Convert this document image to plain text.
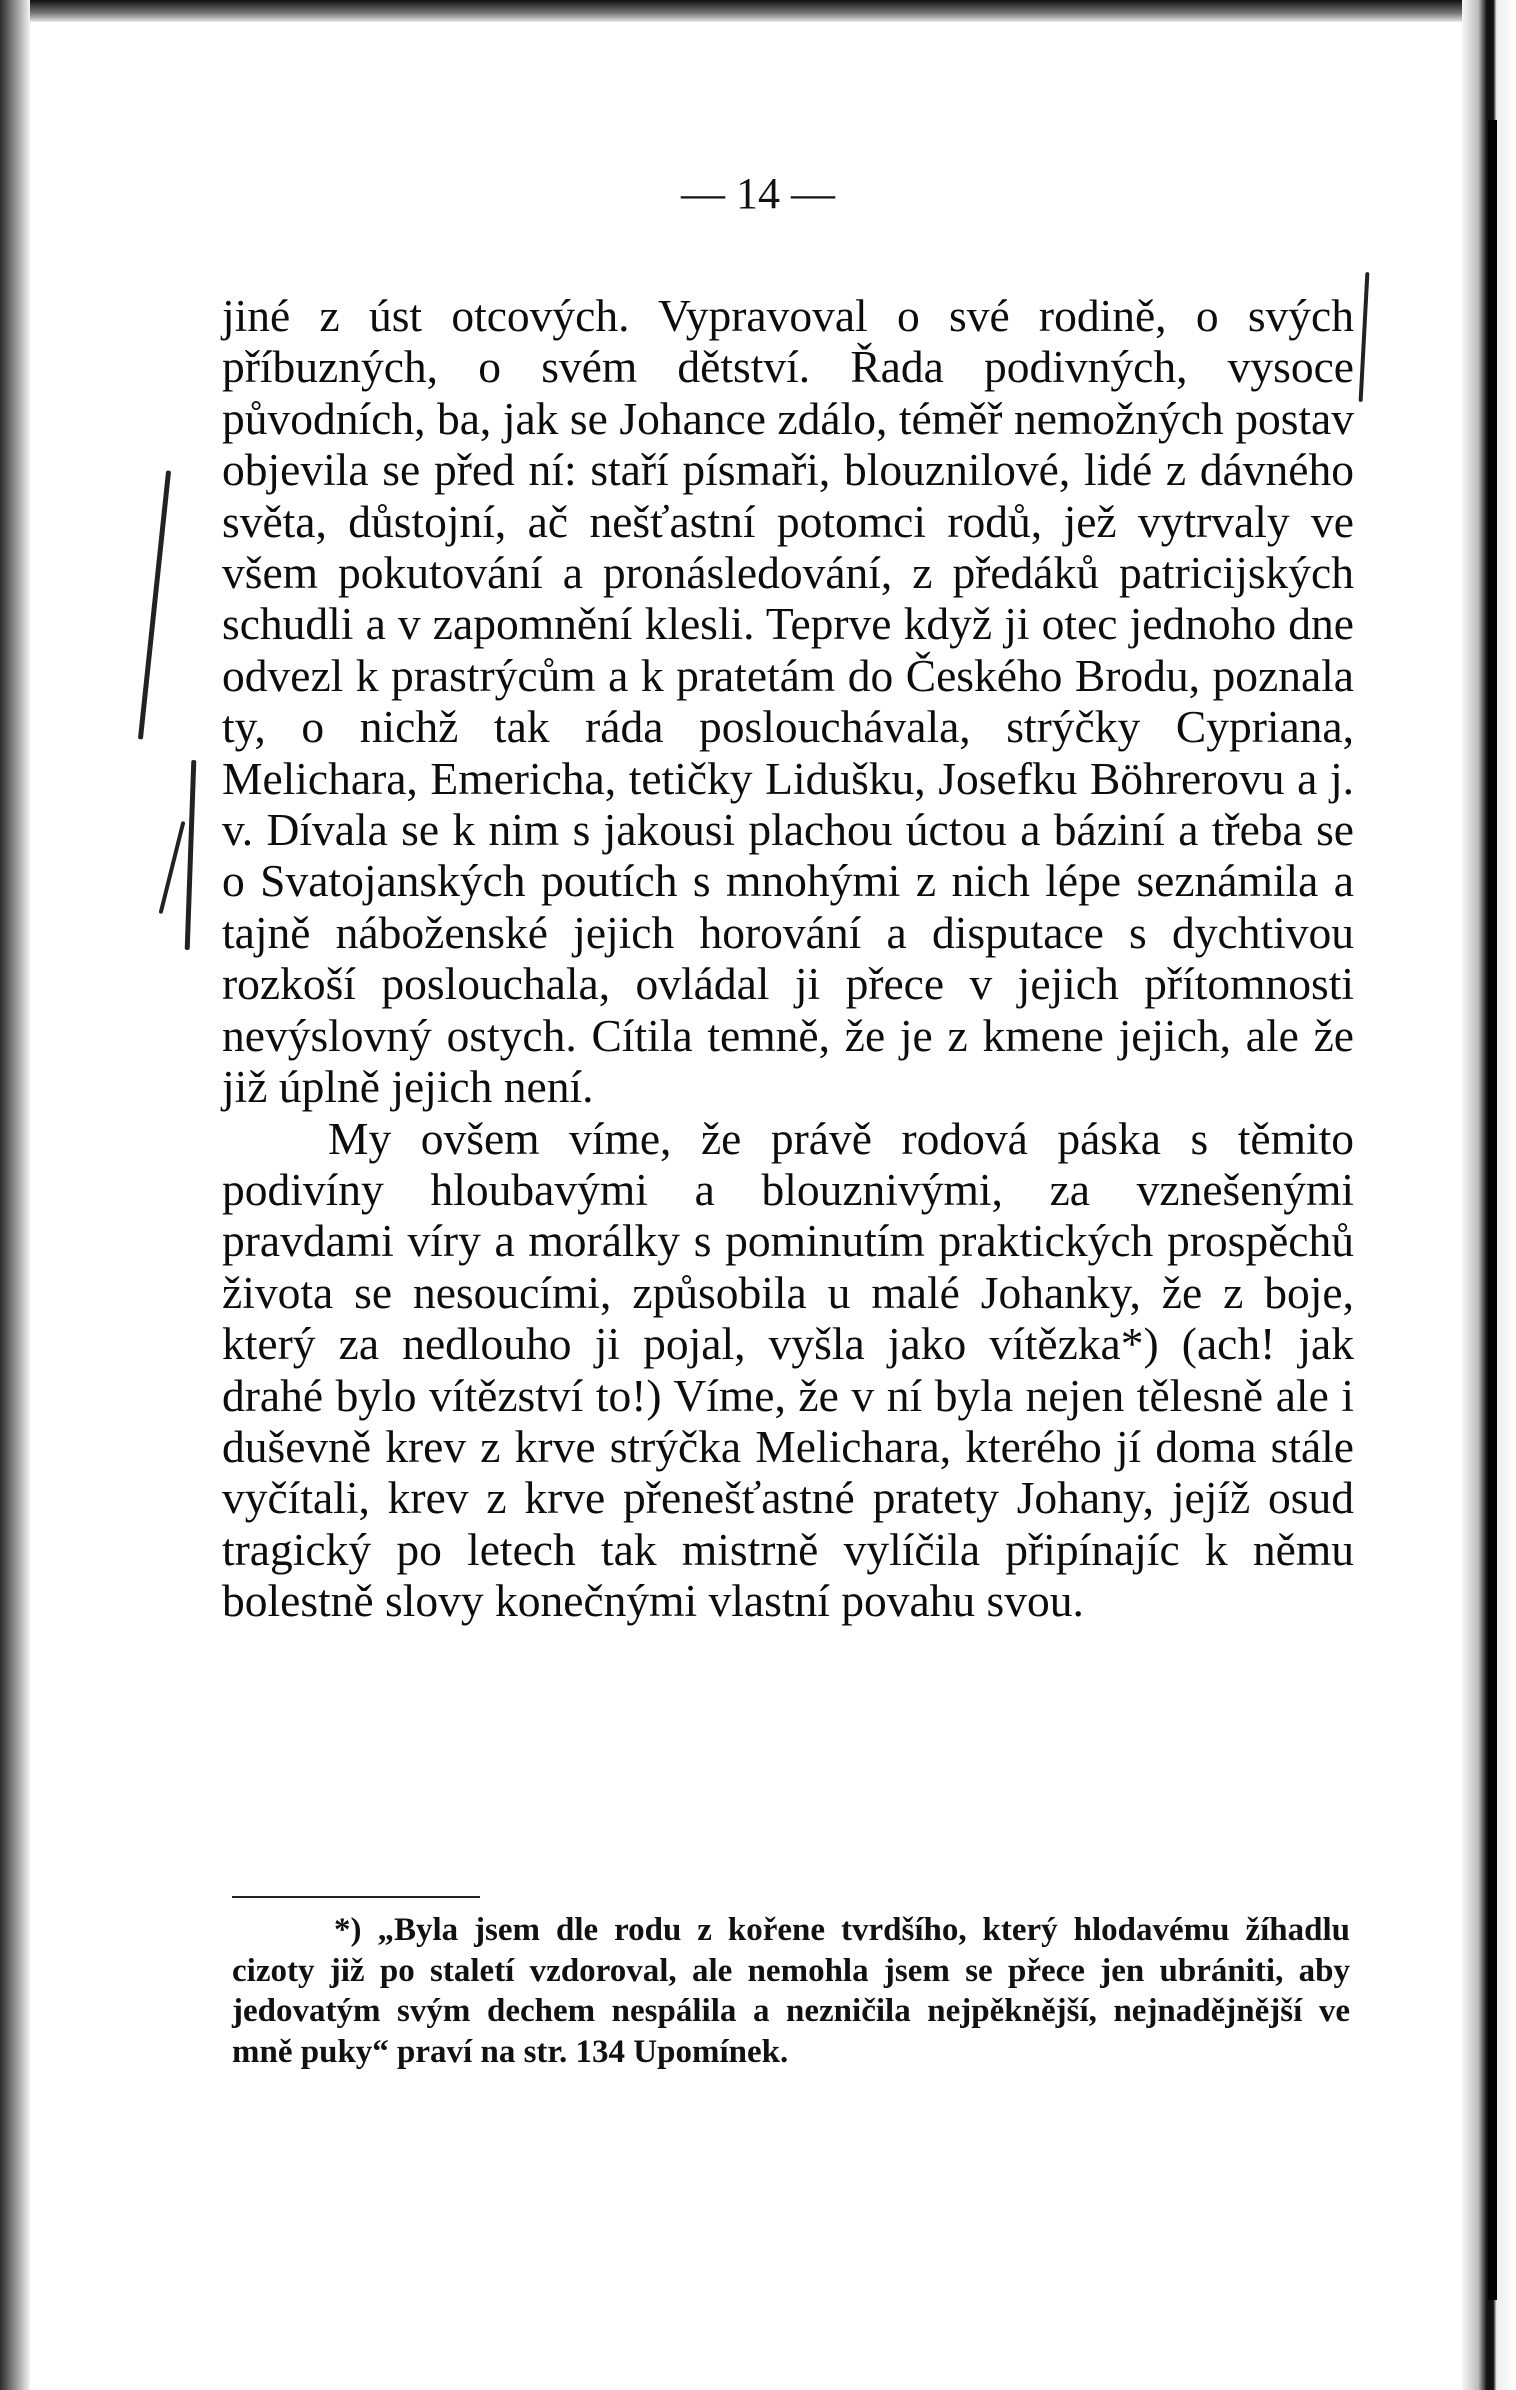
— 14 —

jiné z úst otcových. Vypravoval o své rodině, o svých příbuzných, o svém dětství. Řada podivných, vysoce původních, ba, jak se Johance zdálo, téměř nemožných postav objevila se před ní: staří písmaři, blouznilové, lidé z dávného světa, důstojní, ač nešťastní potomci rodů, jež vytrvaly ve všem pokutování a pronásledování, z předáků patricijských schudli a v zapomnění klesli. Teprve když ji otec jednoho dne odvezl k prastrýcům a k pratetám do Českého Brodu, poznala ty, o nichž tak ráda poslouchávala, strýčky Cypriana, Melichara, Emericha, tetičky Lidušku, Josefku Böhrerovu a j. v. Dívala se k nim s jakousi plachou úctou a báziní a třeba se o Svatojanských poutích s mnohými z nich lépe seznámila a tajně náboženské jejich horování a disputace s dychtivou rozkoší poslouchala, ovládal ji přece v jejich přítomnosti nevýslovný ostych. Cítila temně, že je z kmene jejich, ale že již úplně jejich není.

My ovšem víme, že právě rodová páska s těmito podivíny hloubavými a blouznivými, za vznešenými pravdami víry a morálky s pominutím praktických prospěchů života se nesoucími, způsobila u malé Johanky, že z boje, který za nedlouho ji pojal, vyšla jako vítězka*) (ach! jak drahé bylo vítězství to!) Víme, že v ní byla nejen tělesně ale i duševně krev z krve strýčka Melichara, kterého jí doma stále vyčítali, krev z krve přenešťastné pratety Johany, jejíž osud tragický po letech tak mistrně vylíčila připínajíc k němu bolestně slovy konečnými vlastní povahu svou.

*) „Byla jsem dle rodu z kořene tvrdšího, který hlodavému žíhadlu cizoty již po staletí vzdoroval, ale nemohla jsem se přece jen ubrániti, aby jedovatým svým dechem nespálila a nezničila nejpěknější, nejnadějnější ve mně puky“ praví na str. 134 Upomínek.
